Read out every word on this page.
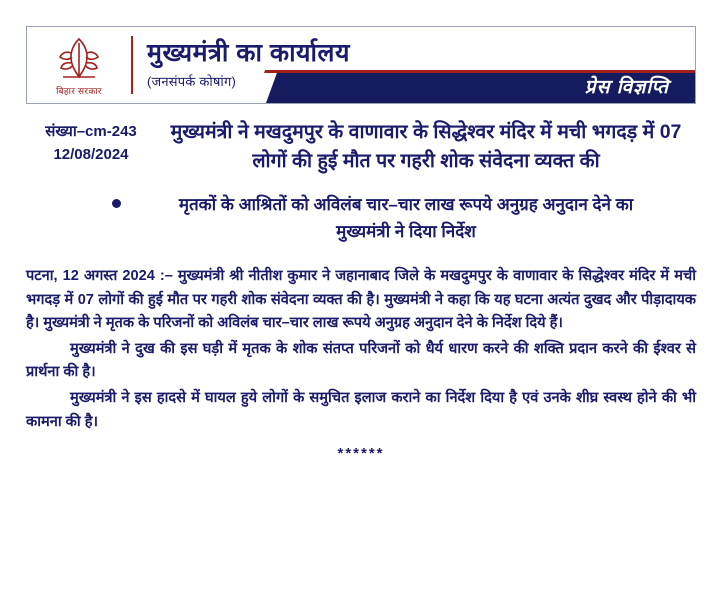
बिहार सरकार
मुख्यमंत्री का कार्यालय
(जनसंपर्क कोषांग)	प्रेस विज्ञप्ति
संख्या–cm-243
12/08/2024
मुख्यमंत्री ने मखदुमपुर के वाणावार के सिद्धेश्वर मंदिर में मची भगदड़ में 07 लोगों की हुई मौत पर गहरी शोक संवेदना व्यक्त की
मृतकों के आश्रितों को अविलंब चार–चार लाख रूपये अनुग्रह अनुदान देने का मुख्यमंत्री ने दिया निर्देश

पटना, 12 अगस्त 2024 :– मुख्यमंत्री श्री नीतीश कुमार ने जहानाबाद जिले के मखदुमपुर के वाणावार के सिद्धेश्वर मंदिर में मची भगदड़ में 07 लोगों की हुई मौत पर गहरी शोक संवेदना व्यक्त की है। मुख्यमंत्री ने कहा कि यह घटना अत्यंत दुखद और पीड़ादायक है। मुख्यमंत्री ने मृतक के परिजनों को अविलंब चार–चार लाख रूपये अनुग्रह अनुदान देने के निर्देश दिये हैं।

मुख्यमंत्री ने दुख की इस घड़ी में मृतक के शोक संतप्त परिजनों को धैर्य धारण करने की शक्ति प्रदान करने की ईश्वर से प्रार्थना की है।

मुख्यमंत्री ने इस हादसे में घायल हुये लोगों के समुचित इलाज कराने का निर्देश दिया है एवं उनके शीघ्र स्वस्थ होने की भी कामना की है।

******
